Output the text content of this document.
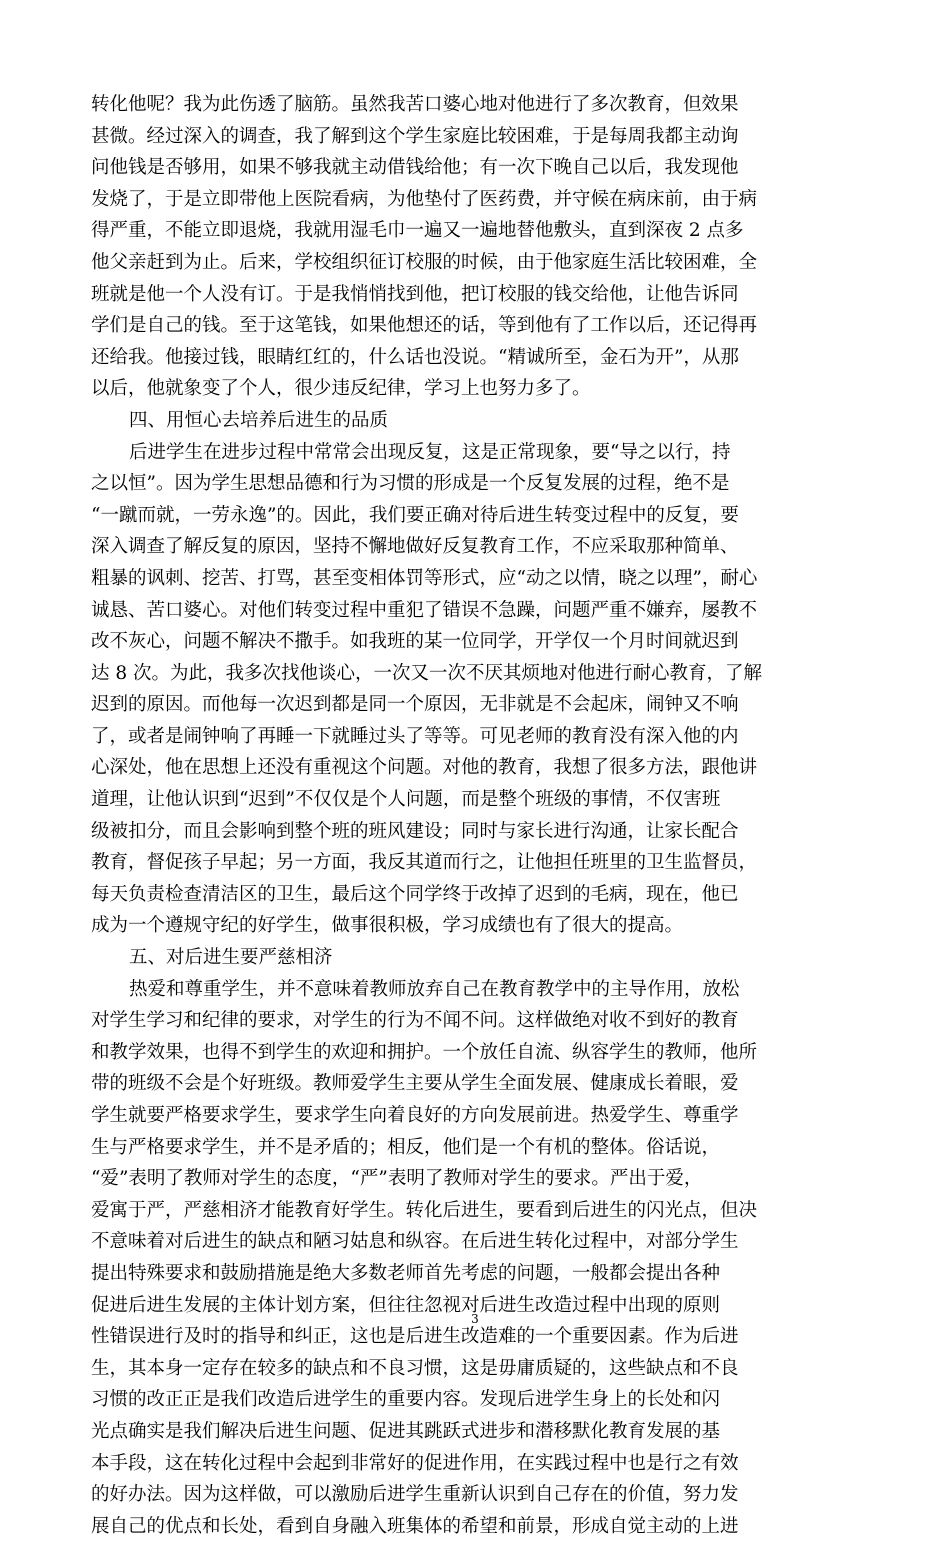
转化他呢？我为此伤透了脑筋。虽然我苦口婆心地对他进行了多次教育，但效果
甚微。经过深入的调查，我了解到这个学生家庭比较困难，于是每周我都主动询
问他钱是否够用，如果不够我就主动借钱给他；有一次下晚自己以后，我发现他
发烧了，于是立即带他上医院看病，为他垫付了医药费，并守候在病床前，由于病
得严重，不能立即退烧，我就用湿毛巾一遍又一遍地替他敷头，直到深夜 2 点多
他父亲赶到为止。后来，学校组织征订校服的时候，由于他家庭生活比较困难，全
班就是他一个人没有订。于是我悄悄找到他，把订校服的钱交给他，让他告诉同
学们是自己的钱。至于这笔钱，如果他想还的话，等到他有了工作以后，还记得再
还给我。他接过钱，眼睛红红的，什么话也没说。“精诚所至，金石为开”，从那
以后，他就象变了个人，很少违反纪律，学习上也努力多了。
四、用恒心去培养后进生的品质
后进学生在进步过程中常常会出现反复，这是正常现象，要“导之以行，持
之以恒”。因为学生思想品德和行为习惯的形成是一个反复发展的过程，绝不是
“一蹴而就，一劳永逸”的。因此，我们要正确对待后进生转变过程中的反复，要
深入调查了解反复的原因，坚持不懈地做好反复教育工作，不应采取那种简单、
粗暴的讽刺、挖苦、打骂，甚至变相体罚等形式，应“动之以情，晓之以理”，耐心
诚恳、苦口婆心。对他们转变过程中重犯了错误不急躁，问题严重不嫌弃，屡教不
改不灰心，问题不解决不撒手。如我班的某一位同学，开学仅一个月时间就迟到
达 8 次。为此，我多次找他谈心，一次又一次不厌其烦地对他进行耐心教育，了解
迟到的原因。而他每一次迟到都是同一个原因，无非就是不会起床，闹钟又不响
了，或者是闹钟响了再睡一下就睡过头了等等。可见老师的教育没有深入他的内
心深处，他在思想上还没有重视这个问题。对他的教育，我想了很多方法，跟他讲
道理，让他认识到“迟到”不仅仅是个人问题，而是整个班级的事情，不仅害班
级被扣分，而且会影响到整个班的班风建设；同时与家长进行沟通，让家长配合
教育，督促孩子早起；另一方面，我反其道而行之，让他担任班里的卫生监督员，
每天负责检查清洁区的卫生，最后这个同学终于改掉了迟到的毛病，现在，他已
成为一个遵规守纪的好学生，做事很积极，学习成绩也有了很大的提高。
五、对后进生要严慈相济
热爱和尊重学生，并不意味着教师放弃自己在教育教学中的主导作用，放松
对学生学习和纪律的要求，对学生的行为不闻不问。这样做绝对收不到好的教育
和教学效果，也得不到学生的欢迎和拥护。一个放任自流、纵容学生的教师，他所
带的班级不会是个好班级。教师爱学生主要从学生全面发展、健康成长着眼，爱
学生就要严格要求学生，要求学生向着良好的方向发展前进。热爱学生、尊重学
生与严格要求学生，并不是矛盾的；相反，他们是一个有机的整体。俗话说，
“爱”表明了教师对学生的态度，“严”表明了教师对学生的要求。严出于爱，
爱寓于严，严慈相济才能教育好学生。转化后进生，要看到后进生的闪光点，但决
不意味着对后进生的缺点和陋习姑息和纵容。在后进生转化过程中，对部分学生
提出特殊要求和鼓励措施是绝大多数老师首先考虑的问题，一般都会提出各种
促进后进生发展的主体计划方案，但往往忽视对后进生改造过程中出现的原则
性错误进行及时的指导和纠正，这也是后进生改造难的一个重要因素。作为后进
生，其本身一定存在较多的缺点和不良习惯，这是毋庸质疑的，这些缺点和不良
习惯的改正正是我们改造后进学生的重要内容。发现后进学生身上的长处和闪
光点确实是我们解决后进生问题、促进其跳跃式进步和潜移默化教育发展的基
本手段，这在转化过程中会起到非常好的促进作用，在实践过程中也是行之有效
的好办法。因为这样做，可以激励后进学生重新认识到自己存在的价值，努力发
展自己的优点和长处，看到自身融入班集体的希望和前景，形成自觉主动的上进
3
